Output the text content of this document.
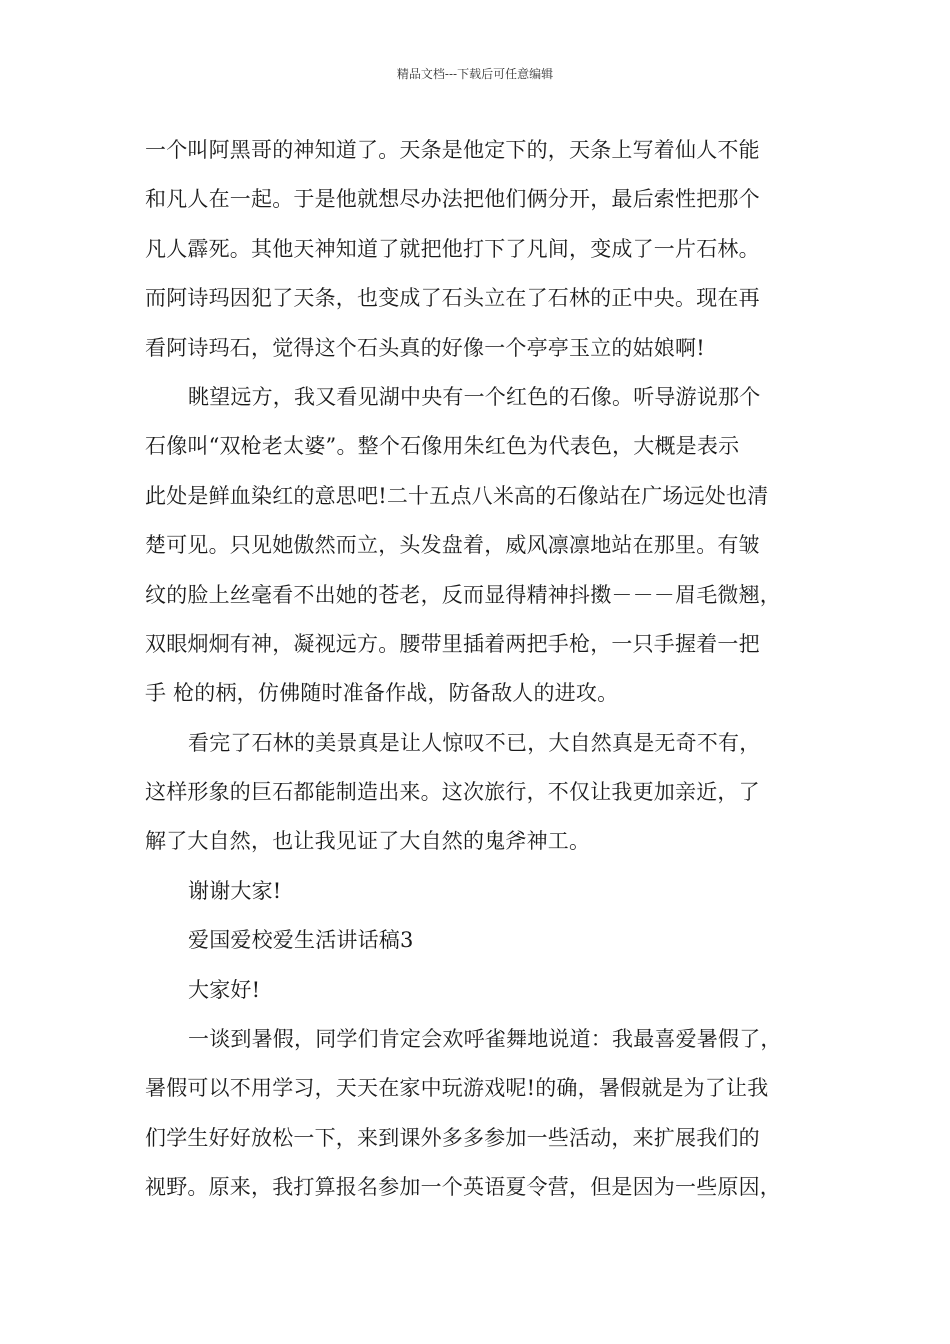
精品文档---下载后可任意编辑
一个叫阿黑哥的神知道了。天条是他定下的，天条上写着仙人不能
和凡人在一起。于是他就想尽办法把他们俩分开，最后索性把那个
凡人霹死。其他天神知道了就把他打下了凡间，变成了一片石林。
而阿诗玛因犯了天条，也变成了石头立在了石林的正中央。现在再
看阿诗玛石，觉得这个石头真的好像一个亭亭玉立的姑娘啊!
眺望远方，我又看见湖中央有一个红色的石像。听导游说那个
石像叫“双枪老太婆”。整个石像用朱红色为代表色，大概是表示
此处是鲜血染红的意思吧!二十五点八米高的石像站在广场远处也清
楚可见。只见她傲然而立，头发盘着，威风凛凛地站在那里。有皱
纹的脸上丝毫看不出她的苍老，反而显得精神抖擞－－－眉毛微翘，
双眼炯炯有神，凝视远方。腰带里插着两把手枪，一只手握着一把
手 枪的柄，仿佛随时准备作战，防备敌人的进攻。
看完了石林的美景真是让人惊叹不已，大自然真是无奇不有，
这样形象的巨石都能制造出来。这次旅行，不仅让我更加亲近，了
解了大自然，也让我见证了大自然的鬼斧神工。
谢谢大家!
爱国爱校爱生活讲话稿3
大家好!
一谈到暑假，同学们肯定会欢呼雀舞地说道：我最喜爱暑假了，
暑假可以不用学习，天天在家中玩游戏呢!的确，暑假就是为了让我
们学生好好放松一下，来到课外多多参加一些活动，来扩展我们的
视野。原来，我打算报名参加一个英语夏令营，但是因为一些原因，
